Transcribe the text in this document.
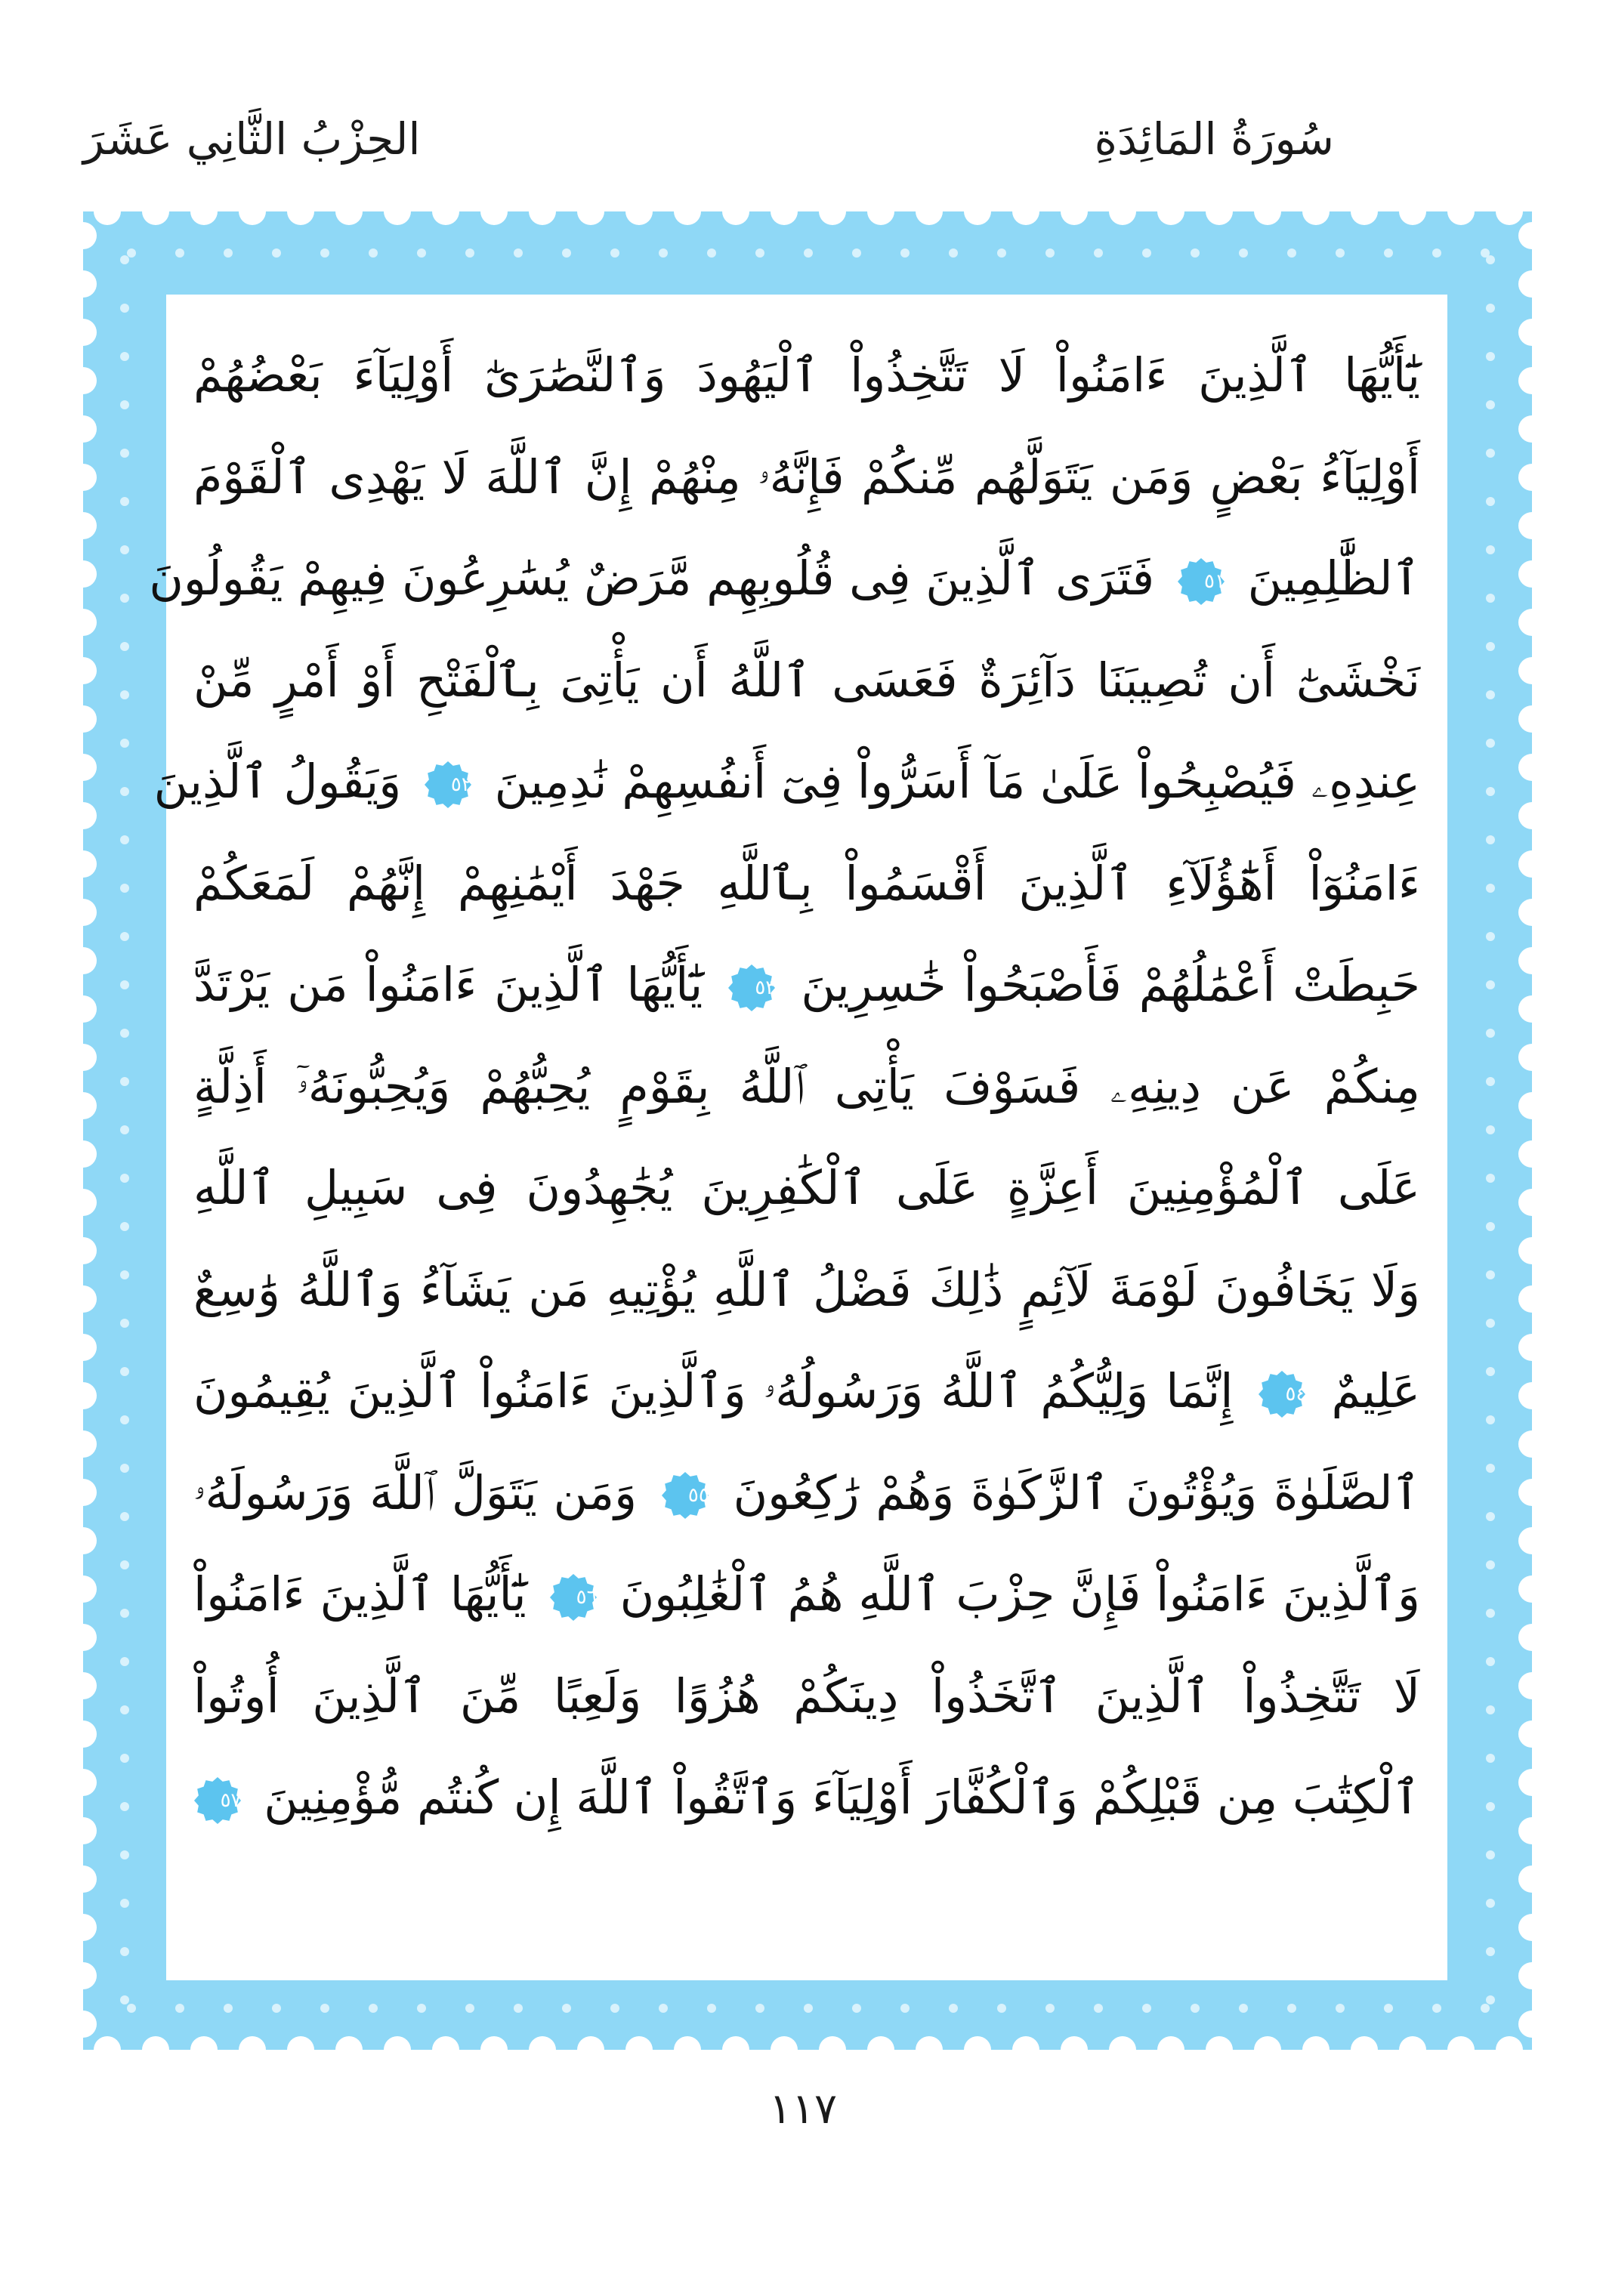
سُورَةُ المَائِدَةِ
الحِزْبُ الثَّانِي عَشَرَ
يَٰٓأَيُّهَا ٱلَّذِينَ ءَامَنُواْ لَا تَتَّخِذُواْ ٱلْيَهُودَ وَٱلنَّصَٰرَىٰٓ أَوْلِيَآءَ بَعْضُهُمْ
أَوْلِيَآءُ بَعْضٍ وَمَن يَتَوَلَّهُم مِّنكُمْ فَإِنَّهُۥ مِنْهُمْ إِنَّ ٱللَّهَ لَا يَهْدِى ٱلْقَوْمَ
ٱلظَّٰلِمِينَ
٥١
فَتَرَى ٱلَّذِينَ فِى قُلُوبِهِم مَّرَضٌ يُسَٰرِعُونَ فِيهِمْ يَقُولُونَ
نَخْشَىٰٓ أَن تُصِيبَنَا دَآئِرَةٌ فَعَسَى ٱللَّهُ أَن يَأْتِىَ بِٱلْفَتْحِ أَوْ أَمْرٍ مِّنْ
عِندِهِۦ فَيُصْبِحُواْ عَلَىٰ مَآ أَسَرُّواْ فِىٓ أَنفُسِهِمْ نَٰدِمِينَ
٥٢
وَيَقُولُ ٱلَّذِينَ
ءَامَنُوٓاْ أَهَٰٓؤُلَآءِ ٱلَّذِينَ أَقْسَمُواْ بِٱللَّهِ جَهْدَ أَيْمَٰنِهِمْ إِنَّهُمْ لَمَعَكُمْ
حَبِطَتْ أَعْمَٰلُهُمْ فَأَصْبَحُواْ خَٰسِرِينَ
٥٣
يَٰٓأَيُّهَا ٱلَّذِينَ ءَامَنُواْ مَن يَرْتَدَّ
مِنكُمْ عَن دِينِهِۦ فَسَوْفَ يَأْتِى ٱللَّهُ بِقَوْمٍ يُحِبُّهُمْ وَيُحِبُّونَهُۥٓ أَذِلَّةٍ
عَلَى ٱلْمُؤْمِنِينَ أَعِزَّةٍ عَلَى ٱلْكَٰفِرِينَ يُجَٰهِدُونَ فِى سَبِيلِ ٱللَّهِ
وَلَا يَخَافُونَ لَوْمَةَ لَآئِمٍ ذَٰلِكَ فَضْلُ ٱللَّهِ يُؤْتِيهِ مَن يَشَآءُ وَٱللَّهُ وَٰسِعٌ
عَلِيمٌ
٥٤
إِنَّمَا وَلِيُّكُمُ ٱللَّهُ وَرَسُولُهُۥ وَٱلَّذِينَ ءَامَنُواْ ٱلَّذِينَ يُقِيمُونَ
ٱلصَّلَوٰةَ وَيُؤْتُونَ ٱلزَّكَوٰةَ وَهُمْ رَٰكِعُونَ
٥٥
وَمَن يَتَوَلَّ ٱللَّهَ وَرَسُولَهُۥ
وَٱلَّذِينَ ءَامَنُواْ فَإِنَّ حِزْبَ ٱللَّهِ هُمُ ٱلْغَٰلِبُونَ
٥٦
يَٰٓأَيُّهَا ٱلَّذِينَ ءَامَنُواْ
لَا تَتَّخِذُواْ ٱلَّذِينَ ٱتَّخَذُواْ دِينَكُمْ هُزُوًا وَلَعِبًا مِّنَ ٱلَّذِينَ أُوتُواْ
ٱلْكِتَٰبَ مِن قَبْلِكُمْ وَٱلْكُفَّارَ أَوْلِيَآءَ وَٱتَّقُواْ ٱللَّهَ إِن كُنتُم مُّؤْمِنِينَ
٥٧
١١٧
